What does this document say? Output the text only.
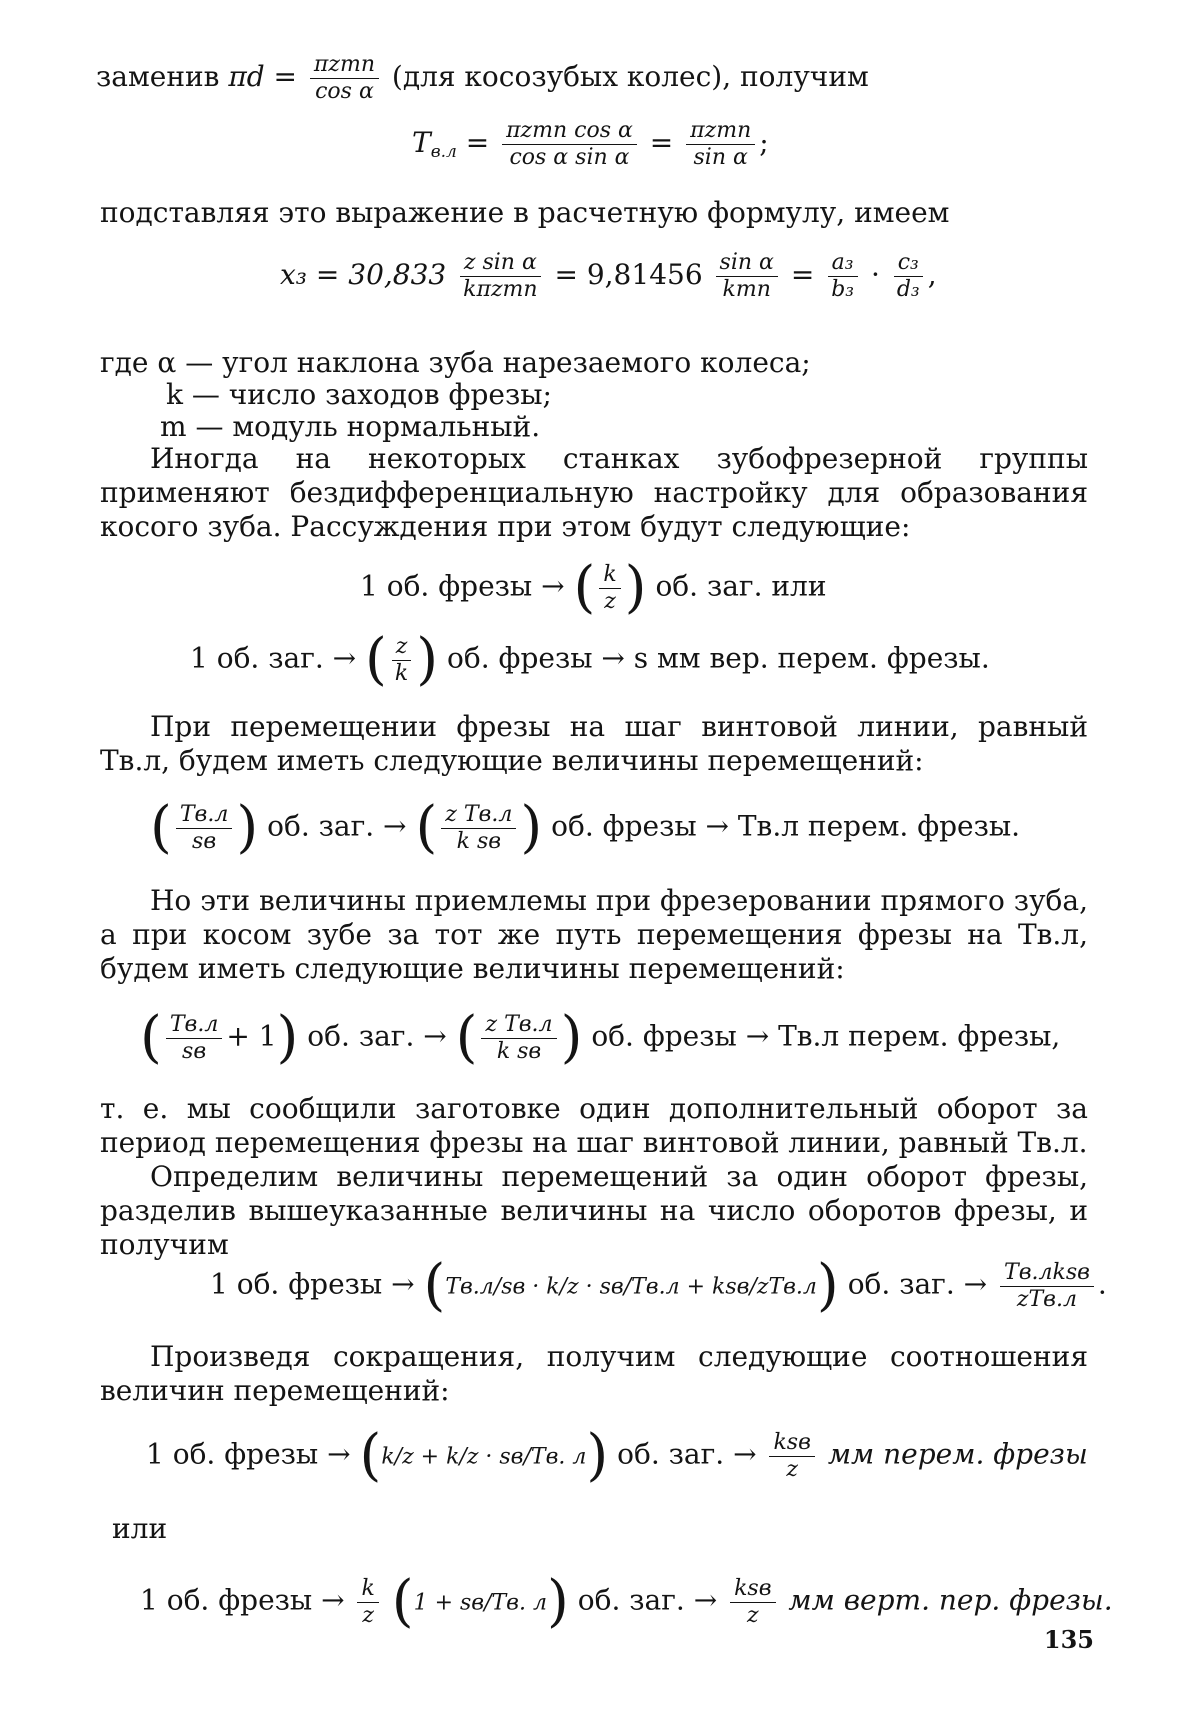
заменив $\pi d = \frac{\text{πzmn}}{\text{cos α}} (для$ косозубых колес), получим
$T_{в.л} = \frac{\text{πzmn cos α}}{\text{cos α sin α}} = \frac{\text{πzmn}}{\text{sin α}}$ ;
подставляя это выражение в расчетную формулу, имеем
$x_3 = 30,833 \frac{\text{z sin α}}{\text{kπzmn}} = 9,81456 \frac{\text{sin α}}{\text{kmn}} = \frac{\text{a₃}}{\text{b₃}} \cdot \frac{\text{c₃}}{\text{d₃}}$ ,
где α — угол наклона зуба нарезаемого колеса;
k — число заходов фрезы;
m — модуль нормальный.
Иногда на некоторых станках зубофрезерной группы применяют бездифференциальную настройку для образования косого зуба. Рассуждения при этом будут следующие:
1 об. фрезы → ( $\frac{k}{z}$ ) об. заг. или
1 об. заг. → ( $\frac{z}{k}$ ) об. фрезы → s мм вер. перем. фрезы.
При перемещении фрезы на шаг винтовой линии, равный Tв.л, будем иметь следующие величины перемещений:
( $\frac{Tв.л}{sв}$ ) об. заг. → ( $\frac{\text{z Tв.л}}{\text{k sв}}$ ) об. фрезы → Tв.л перем. фрезы.
Но эти величины приемлемы при фрезеровании прямого зуба, а при косом зубе за тот же путь перемещения фрезы на Tв.л, будем иметь следующие величины перемещений:
( $\frac{Tв.л}{sв} + 1$) об. заг. → ( $\frac{\text{z Tв.л}}{\text{k sв}}$ ) об. фрезы → Tв.л перем. фрезы,
т. е. мы сообщили заготовке один дополнительный оборот за период перемещения фрезы на шаг винтовой линии, равный Tв.л.
Определим величины перемещений за один оборот фрезы, разделив вышеуказанные величины на число оборотов фрезы, и получим
1 об. фрезы → (Tв.л/sв · k/z · sв/Tв.л + ksв/zTв.л) об. заг. → $\frac{\text{Tв.лksв}}{\text{zTв.л}}$ .
Произведя сокращения, получим следующие соотношения величин перемещений:
1 об. фрезы → (k/z + k/z · sв/Tв. л) об. заг. → $\frac{\text{ksв}}{z}$ мм перем. фрезы
или
1 об. фрезы → $\frac{k}{z} (1 + sв/Tв$. л) об. заг. → $\frac{\text{ksв}}{z}$ мм верт. пер. фрезы.
135
